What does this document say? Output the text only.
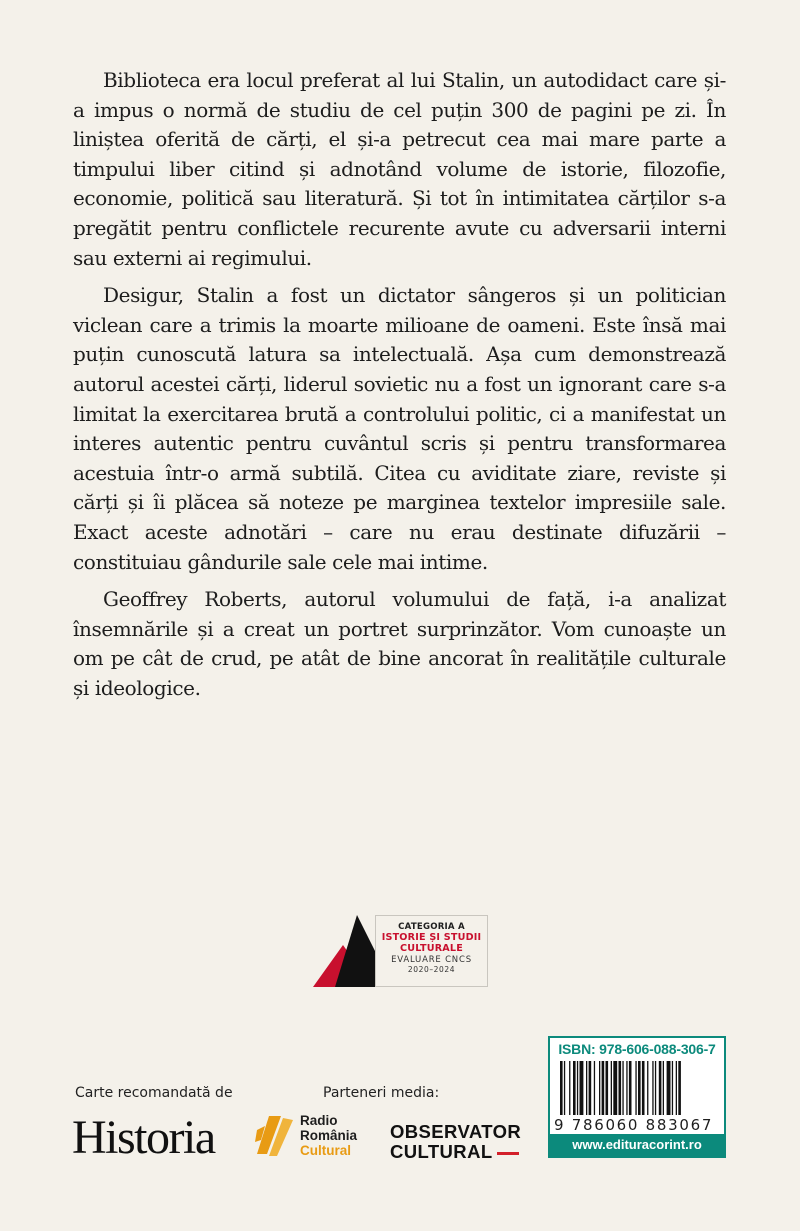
Biblioteca era locul preferat al lui Stalin, un autodidact care și-a impus o normă de studiu de cel puțin 300 de pagini pe zi. În liniștea oferită de cărți, el și-a petrecut cea mai mare parte a timpului liber citind și adnotând volume de istorie, filozofie, economie, politică sau literatură. Și tot în intimitatea cărților s-a pregătit pentru conflictele recurente avute cu adversarii interni sau externi ai regimului.

Desigur, Stalin a fost un dictator sângeros și un politician viclean care a trimis la moarte milioane de oameni. Este însă mai puțin cunoscută latura sa intelectuală. Așa cum demonstrează autorul acestei cărți, liderul sovietic nu a fost un ignorant care s-a limitat la exercitarea brută a controlului politic, ci a manifestat un interes autentic pentru cuvântul scris și pentru transformarea acestuia într-o armă subtilă. Citea cu aviditate ziare, reviste și cărți și îi plăcea să noteze pe marginea textelor impresiile sale. Exact aceste adnotări – care nu erau destinate difuzării – constituiau gândurile sale cele mai intime.

Geoffrey Roberts, autorul volumului de față, i-a analizat însemnările și a creat un portret surprinzător. Vom cunoaște un om pe cât de crud, pe atât de bine ancorat în realitățile culturale și ideologice.

CATEGORIA A
ISTORIE ȘI STUDII
CULTURALE
EVALUARE CNCS
2020–2024
ISBN: 978-606-088-306-7
9 786060 883067
www.edituracorint.ro
Carte recomandată de
Historia
Parteneri media:
Radio
România
Cultural
OBSERVATOR
CULTURAL
